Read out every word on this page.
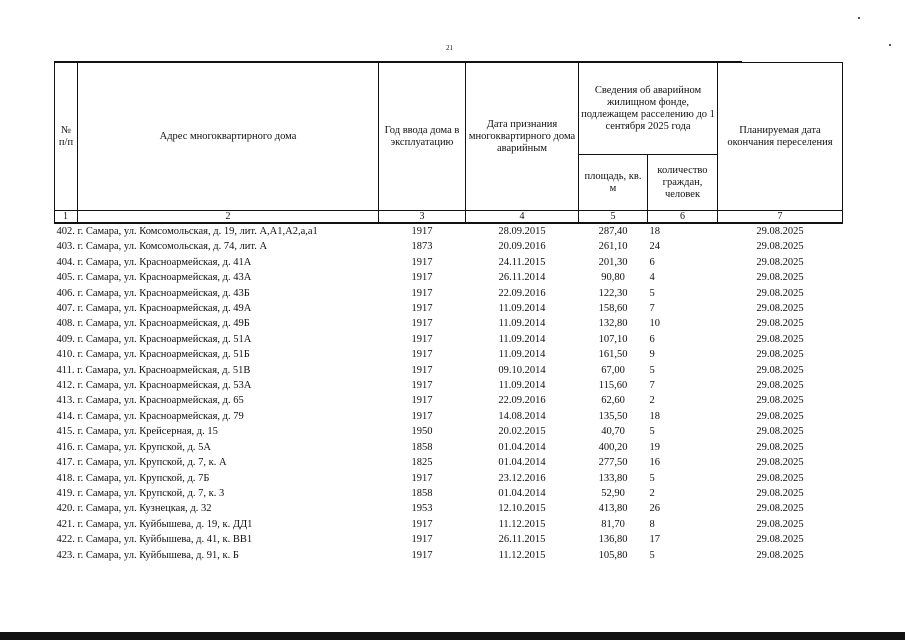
21
№ п/п	Адрес многоквартирного дома	Год ввода дома в эксплуатацию	Дата признания многоквартирного дома аварийным	Сведения об аварийном жилищном фонде, подлежащем расселению до 1 сентября 2025 года		Планируемая дата окончания переселения
				площадь, кв. м	количество граждан, человек	
1	2	3	4	5	6	7
402. г. Самара, ул. Комсомольская, д. 19, лит. А,А1,А2,а,а1		1917	28.09.2015	287,40	18	29.08.2025
403. г. Самара, ул. Комсомольская, д. 74, лит. А		1873	20.09.2016	261,10	24	29.08.2025
404. г. Самара, ул. Красноармейская, д. 41А		1917	24.11.2015	201,30	6	29.08.2025
405. г. Самара, ул. Красноармейская, д. 43А		1917	26.11.2014	90,80	4	29.08.2025
406. г. Самара, ул. Красноармейская, д. 43Б		1917	22.09.2016	122,30	5	29.08.2025
407. г. Самара, ул. Красноармейская, д. 49А		1917	11.09.2014	158,60	7	29.08.2025
408. г. Самара, ул. Красноармейская, д. 49Б		1917	11.09.2014	132,80	10	29.08.2025
409. г. Самара, ул. Красноармейская, д. 51А		1917	11.09.2014	107,10	6	29.08.2025
410. г. Самара, ул. Красноармейская, д. 51Б		1917	11.09.2014	161,50	9	29.08.2025
411. г. Самара, ул. Красноармейская, д. 51В		1917	09.10.2014	67,00	5	29.08.2025
412. г. Самара, ул. Красноармейская, д. 53А		1917	11.09.2014	115,60	7	29.08.2025
413. г. Самара, ул. Красноармейская, д. 65		1917	22.09.2016	62,60	2	29.08.2025
414. г. Самара, ул. Красноармейская, д. 79		1917	14.08.2014	135,50	18	29.08.2025
415. г. Самара, ул. Крейсерная, д. 15		1950	20.02.2015	40,70	5	29.08.2025
416. г. Самара, ул. Крупской, д. 5А		1858	01.04.2014	400,20	19	29.08.2025
417. г. Самара, ул. Крупской, д. 7, к. А		1825	01.04.2014	277,50	16	29.08.2025
418. г. Самара, ул. Крупской, д. 7Б		1917	23.12.2016	133,80	5	29.08.2025
419. г. Самара, ул. Крупской, д. 7, к. 3		1858	01.04.2014	52,90	2	29.08.2025
420. г. Самара, ул. Кузнецкая, д. 32		1953	12.10.2015	413,80	26	29.08.2025
421. г. Самара, ул. Куйбышева, д. 19, к. ДД1		1917	11.12.2015	81,70	8	29.08.2025
422. г. Самара, ул. Куйбышева, д. 41, к. ВВ1		1917	26.11.2015	136,80	17	29.08.2025
423. г. Самара, ул. Куйбышева, д. 91, к. Б		1917	11.12.2015	105,80	5	29.08.2025
